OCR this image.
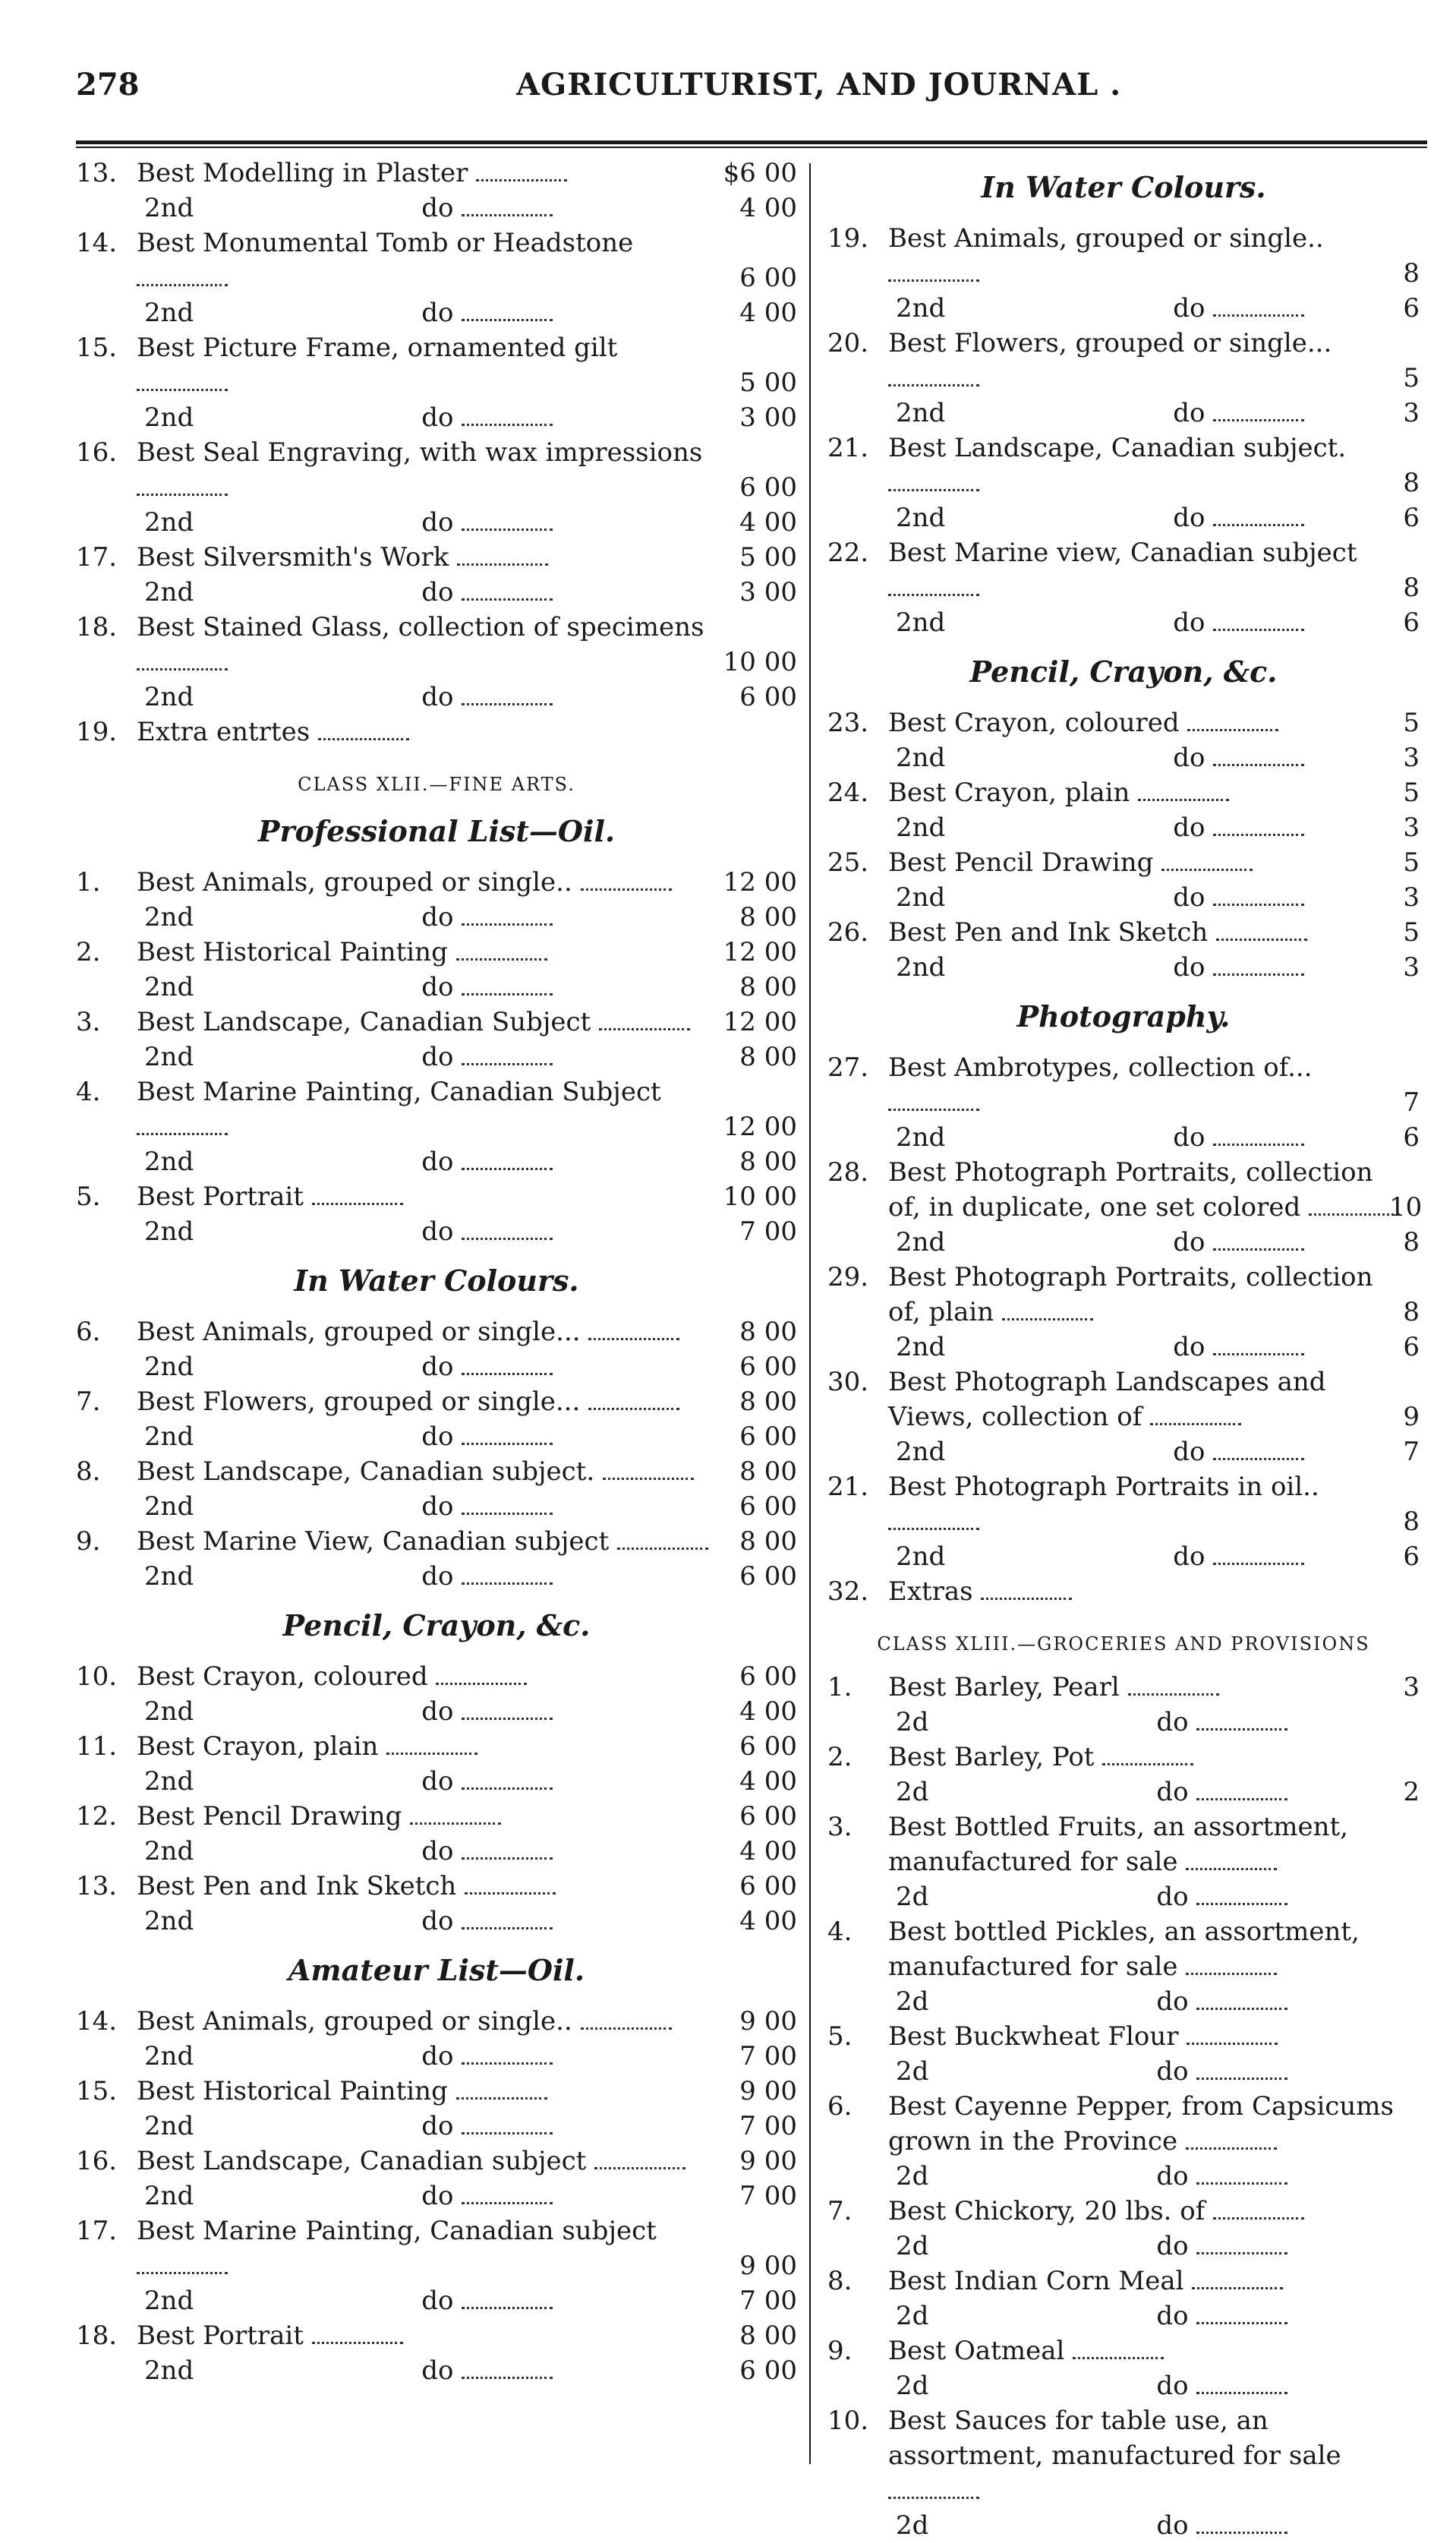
278	AGRICULTURIST, AND JOURNAL .
13. Best Modelling in Plaster	$6 00
2nd	do	4 00
14. Best Monumental Tomb or Headstone
6 00
2nd	do	4 00
15. Best Picture Frame, ornamented gilt
5 00
2nd	do	3 00
16. Best Seal Engraving, with wax impressions
6 00
2nd	do	4 00
17. Best Silversmith's Work	5 00
2nd	do	3 00
18. Best Stained Glass, collection of specimens
10 00
2nd	do	6 00
19. Extra entrtes
CLASS XLII.—FINE ARTS.
Professional List—Oil.
1.	Best Animals, grouped or single..	12 00
2nd	do	8 00
2.	Best Historical Painting	12 00
2nd	do	8 00
3.	Best Landscape, Canadian Subject	12 00
2nd	do	8 00
4.	Best Marine Painting, Canadian Subject
12 00
2nd	do	8 00
5.	Best Portrait	10 00
2nd	do	7 00
In Water Colours.
6.	Best Animals, grouped or single...	8 00
2nd	do	6 00
7.	Best Flowers, grouped or single...	8 00
2nd	do	6 00
8.	Best Landscape, Canadian subject.	8 00
2nd	do	6 00
9.	Best Marine View, Canadian subject	8 00
2nd	do	6 00
Pencil, Crayon, &c.
10. Best Crayon, coloured	6 00
2nd	do	4 00
11. Best Crayon, plain	6 00
2nd	do	4 00
12. Best Pencil Drawing	6 00
2nd	do	4 00
13. Best Pen and Ink Sketch	6 00
2nd	do	4 00
Amateur List—Oil.
14. Best Animals, grouped or single..	9 00
2nd	do	7 00
15. Best Historical Painting	9 00
2nd	do	7 00
16. Best Landscape, Canadian subject	9 00
2nd	do	7 00
17. Best Marine Painting, Canadian subject
9 00
2nd	do	7 00
18. Best Portrait	8 00
2nd	do	6 00
In Water Colours.
19. Best Animals, grouped or single..
8
2nd	do	6
20. Best Flowers, grouped or single...
5
2nd	do	3
21. Best Landscape, Canadian subject.
8
2nd	do	6
22. Best Marine view, Canadian subject
8
2nd	do	6
Pencil, Crayon, &c.
23. Best Crayon, coloured	5
2nd	do	3
24. Best Crayon, plain	5
2nd	do	3
25. Best Pencil Drawing	5
2nd	do	3
26. Best Pen and Ink Sketch	5
2nd	do	3
Photography.
27. Best Ambrotypes, collection of...
7
2nd	do	6
28. Best Photograph Portraits, collection of, in duplicate, one set colored	10
2nd	do	8
29. Best Photograph Portraits, collection of, plain	8
2nd	do	6
30. Best Photograph Landscapes and Views, collection of	9
2nd	do	7
21. Best Photograph Portraits in oil..
8
2nd	do	6
32. Extras
CLASS XLIII.—GROCERIES AND PROVISIONS
1.	Best Barley, Pearl	3
2d	do
2.	Best Barley, Pot
2d	do	2
3.	Best Bottled Fruits, an assortment, manufactured for sale
2d	do
4.	Best bottled Pickles, an assortment, manufactured for sale
2d	do
5.	Best Buckwheat Flour
2d	do
6.	Best Cayenne Pepper, from Capsicums grown in the Province
2d	do
7.	Best Chickory, 20 lbs. of
2d	do
8.	Best Indian Corn Meal
2d	do
9.	Best Oatmeal
2d	do
10. Best Sauces for table use, an assortment, manufactured for sale
2d	do
